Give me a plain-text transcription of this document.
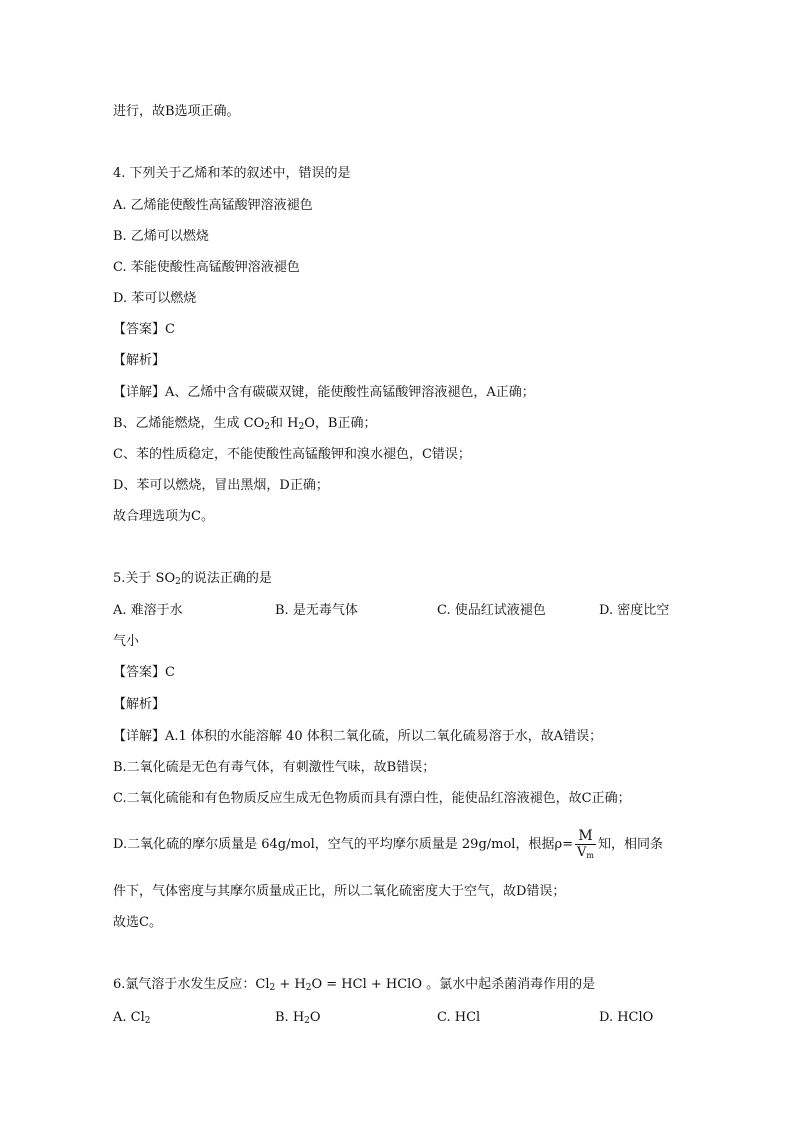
进行，故B选项正确。
4. 下列关于乙烯和苯的叙述中，错误的是
A. 乙烯能使酸性高锰酸钾溶液褪色
B. 乙烯可以燃烧
C. 苯能使酸性高锰酸钾溶液褪色
D. 苯可以燃烧
【答案】C
【解析】
【详解】A、乙烯中含有碳碳双键，能使酸性高锰酸钾溶液褪色，A正确；
B、乙烯能燃烧，生成 $CO_2$和 $H_2O$，B正确；
C、苯的性质稳定，不能使酸性高锰酸钾和溴水褪色，C错误；
D、苯可以燃烧，冒出黑烟，D正确；
故合理选项为C。
5.关于 $SO_2$的说法正确的是
A. 难溶于水	B. 是无毒气体	C. 使品红试液褪色	D. 密度比空
气小
【答案】C
【解析】
【详解】A.1 体积的水能溶解 40 体积二氧化硫，所以二氧化硫易溶于水，故A错误；
B.二氧化硫是无色有毒气体，有刺激性气味，故B错误；
C.二氧化硫能和有色物质反应生成无色物质而具有漂白性，能使品红溶液褪色，故C正确；
D.二氧化硫的摩尔质量是 64g/mol，空气的平均摩尔质量是 29g/mol，根据$\rho= \frac{M}{V_m}$ 知，相同条
件下，气体密度与其摩尔质量成正比，所以二氧化硫密度大于空气，故D错误；
故选C。
6.氯气溶于水发生反应：$Cl_2 + H_2O$ = HCl + HClO 。氯水中起杀菌消毒作用的是
A. $Cl_2$	B. $H_2O$	C. HCl	D. HClO
